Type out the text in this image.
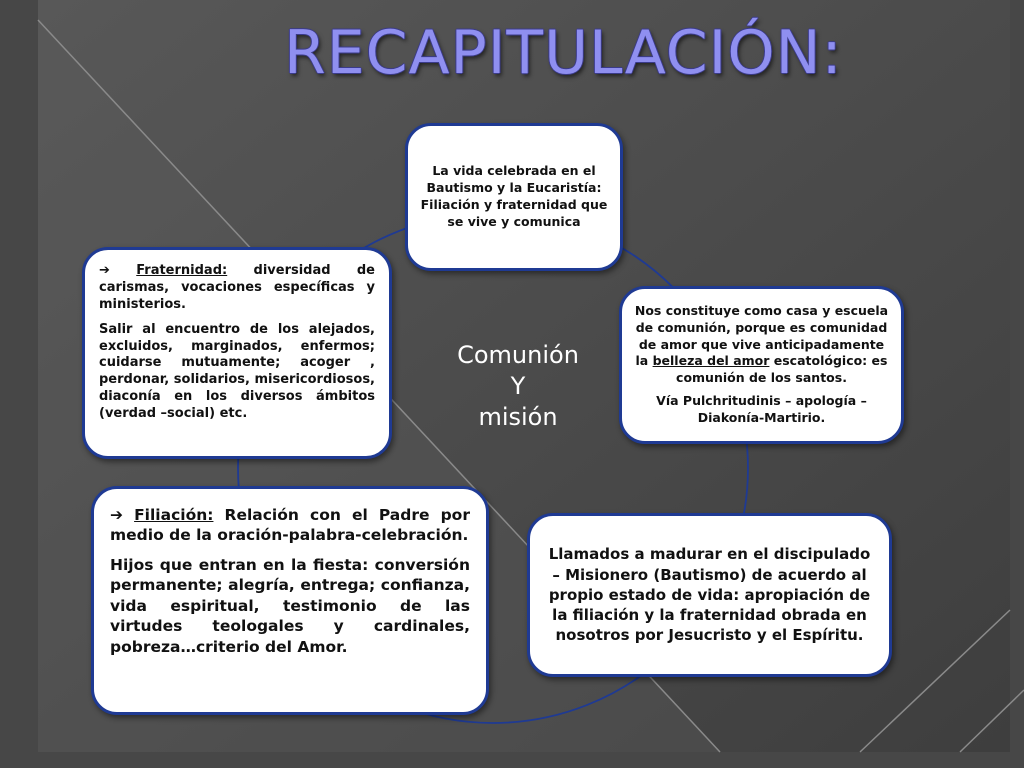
RECAPITULACIÓN:

La vida celebrada en el Bautismo y la Eucaristía: Filiación y fraternidad que se vive y comunica

Nos constituye como casa y escuela de comunión, porque es comunidad de amor que vive anticipadamente la belleza del amor escatológico: es comunión de los santos.

Vía Pulchritudinis – apología – Diakonía-Martirio.

➔ Fraternidad: diversidad de carismas, vocaciones específicas y ministerios.

Salir al encuentro de los alejados, excluidos, marginados, enfermos; cuidarse mutuamente; acoger , perdonar, solidarios, misericordiosos, diaconía en los diversos ámbitos (verdad –social) etc.

Comunión
Y
misión

➔ Filiación: Relación con el Padre por medio de la oración-palabra-celebración.

Hijos que entran en la fiesta: conversión permanente; alegría, entrega; confianza, vida espiritual, testimonio de las virtudes teologales y cardinales, pobreza…criterio del Amor.

Llamados a madurar en el discipulado – Misionero (Bautismo) de acuerdo al propio estado de vida: apropiación de la filiación y la fraternidad obrada en nosotros por Jesucristo y el Espíritu.
